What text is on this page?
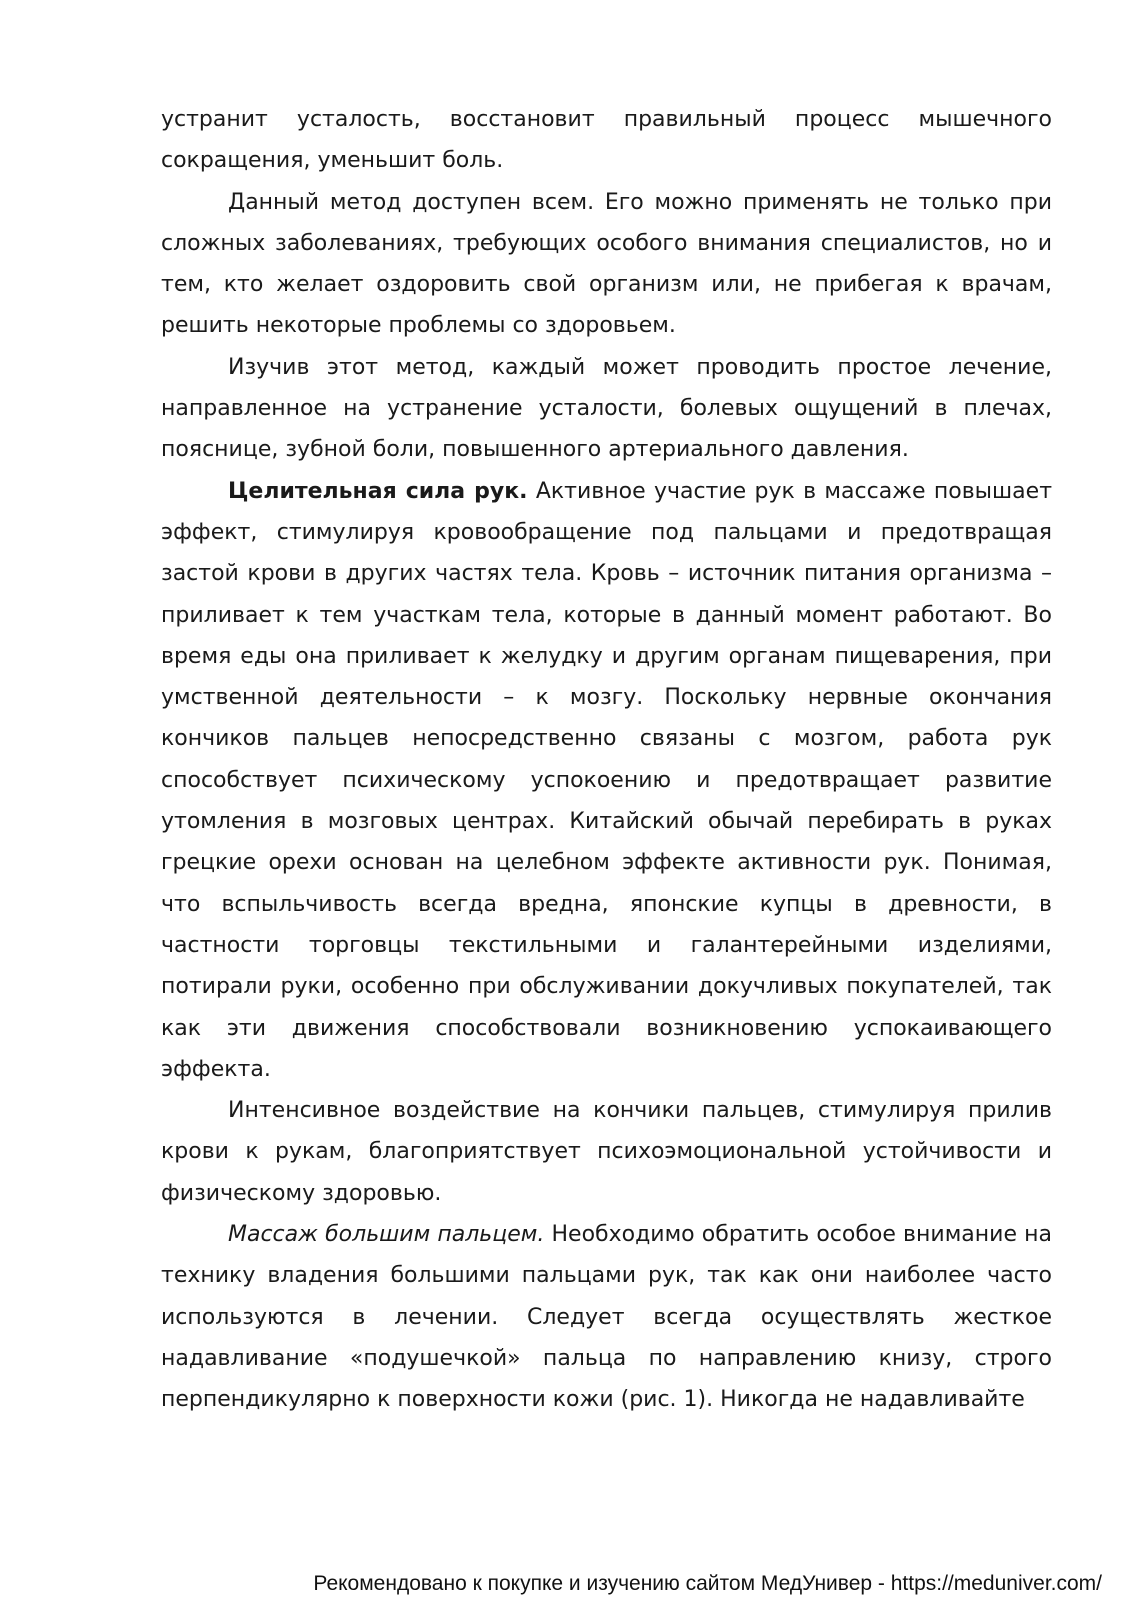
устранит усталость, восстановит правильный процесс мышечного сокращения, уменьшит боль.

Данный метод доступен всем. Его можно применять не только при сложных заболеваниях, требующих особого внимания специалистов, но и тем, кто желает оздоровить свой организм или, не прибегая к врачам, решить некоторые проблемы со здоровьем.

Изучив этот метод, каждый может проводить простое лечение, направленное на устранение усталости, болевых ощущений в плечах, пояснице, зубной боли, повышенного артериального давления.

Целительная сила рук. Активное участие рук в массаже повышает эффект, стимулируя кровообращение под пальцами и предотвращая застой крови в других частях тела. Кровь – источник питания организма – приливает к тем участкам тела, которые в данный момент работают. Во время еды она приливает к желудку и другим органам пищеварения, при умственной деятельности – к мозгу. Поскольку нервные окончания кончиков пальцев непосредственно связаны с мозгом, работа рук способствует психическому успокоению и предотвращает развитие утомления в мозговых центрах. Китайский обычай перебирать в руках грецкие орехи основан на целебном эффекте активности рук. Понимая, что вспыльчивость всегда вредна, японские купцы в древности, в частности торговцы текстильными и галантерейными изделиями, потирали руки, особенно при обслуживании докучливых покупателей, так как эти движения способствовали возникновению успокаивающего эффекта.

Интенсивное воздействие на кончики пальцев, стимулируя прилив крови к рукам, благоприятствует психоэмоциональной устойчивости и физическому здоровью.

Массаж большим пальцем. Необходимо обратить особое внимание на технику владения большими пальцами рук, так как они наиболее часто используются в лечении. Следует всегда осуществлять жесткое надавливание «подушечкой» пальца по направлению книзу, строго перпендикулярно к поверхности кожи (рис. 1). Никогда не надавливайте

Рекомендовано к покупке и изучению сайтом МедУнивер - https://meduniver.com/
